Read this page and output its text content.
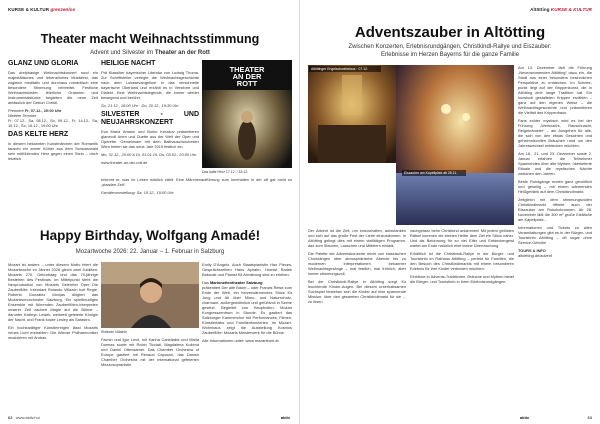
KURSE & KULTUR grenzenlos
Theater macht Weihnachtsstimmung
Advent und Silvester im Theater an der Rott
GLANZ UND GLORIA

Das dreiphasige Weihnachtskonzert rund ein majestätisches und lebensfrohes Musikfest, das zugleich meditativ und durchaus romantisch eine besondere Stimmung verbreitet. Festliche Weihnachtslieder, feierliche Oratorien und Instrumentalstücke begleiten die neue Zeit anlässlich der Geburt Christi.

Premiere Fr, 07.12., 20:00 Uhr

Weitere Termine
Fr, 07.12., Sa, 08.12., So, 09.12., Fr, 14.12., Sa, 15.12., So, 16.12., 19:00 Uhr

DAS KELTE HERZ

In diesem bekannten Kunstmärchen der Romantik tauscht ein armer Köhler aus dem Schwarzwald sein mitfühlendes Herz gegen einen Stein – doch letztlich

HEILIGE NACHT

Prä Klassiker bayerischer Literatur von Ludwig Thoma. Zur Schriftsteller verlegte die Weihnachtsgeschichte nach dem Lukasevangelium in das verschneite bayerische Oberland und erzählt es in Versform und Dialekt. Eine Weihnachtslegende, die immer wieder bewegend und berührt.

So, 21.12., 18:00 Uhr · Do, 20.12., 19:30 Uhr

SILVESTER - UND NEUJAHRSKONZERT

Eva Maria Amann und Borko Kerašov präsentieren glanzvoll Arien und Duette aus der Welt der Oper und Operette. Gemeinsam mit dem Ballhauschorchester Wien bieten sie das neue Jahr 2019 festlich ein.

Mo, 31.12., 20:00 & Di, 01.01.19, Do, 03.01., 20:00 Uhr

www.theater-an-der-rott.de

THEATER
AN DER
ROTT
Das kalte Herz 17.12. / 18.12.

erkennt er, was im Leben wirklich zählt. Eine Märchenaufführung zum Innehalten in der oft gar nicht so „staaden Zeit“.

Familienvorstellung: Sa, 15.12., 15:00 Uhr

Happy Birthday, Wolfgang Amadé!
Mozartwoche 2026: 22. Januar – 1. Februar in Salzburg

Mozart ist anders – unter diesem Motto feiert die Mozartwoche im Jänner 2026 gleich zwei Jubiläen: Mozarts 270. Geburtstag und das 70-jährige Bestehen des Festivals. Im Mittelpunkt steht die Neuproduktion von Mozarts Gelehrter Oper Die Zauberflöte. Intendant Rolando Villazón holt Regie, Roberto González Monjas dirigiert das Mozarteumorchester Salzburg. Ein spielfreudiges Ensemble mit führenden Zauberflöten-Interpreten unserer Zeit zaubert Magie auf die Bühne – darunter Kathryn Lewek, weltweit gefeierte Königin der Nacht, und Frank sowie Lesley als Sarastro.

Ein hochkarätiger Künstlerreigen lässt Mozarts neues Licht erstrahlen: Die Wiener Philharmoniker musizieren mit Andras

Rolando Villazón

Fachin und Igor Levit, mit Karina Canellakis und Maria Duenas sowie mit Robin Ticciati, Magdalena Kožená und Daniel Ottensamer. Das Chamber Orchestra of Europe gastiert mit Renaud Capuçon, das Danish Chamber Orchestra mit der international gefeierten Mezzosopranistin

Emily D'Angelo. Auch Staatspianistin Hao Pieces, Gesprächsreihen Hans Ayhahn, Hornist Radek Baborák und Pianist Kit Armstrong sind zu erleben.

Das Marionettentheater Salzburg

präsentiert Der alte Baum – oder Franzis Reise zum Ende der Welt, ein herzerwärmendes Stück für Jung und Alt über Mimu- und Naturschutz, charmant, außergewöhnlich und gefühlvoll in Szene gesetzt. Begleitet von Hauptrollen: Mozart Kongresszentrum in Stunde. Es gastiert das Salzburger Kammerchor mit Performances, Filmen, Künstlertalks und Familienkonzerten. Im Mozart-Wohnhaus zeigt die Ausstellung Kosmos Zauberflöte: Mozarts Meisterwerk für die Bühne.

Alle Informationen unter: www.mozarteum.at

62 www.aktiv.hui	aktiv
Altötting KURSE & KULTUR
Adventszauber in Altötting
Zwischen Konzerten, Erlebnisrundgängen, Christkindl-Rallye und Eiszauber:
Erlebnisse im Herzen Bayerns für die ganze Familie
Altöttinger Engelschwebelaus · 07.12.
Eiszauber am Kapellplatz ab 28.11.

Am 13. Dezember lädt die Führung „Neuenwumenden Altötting“ dazu ein, die Stadt aus einer besonders besinnlichen Perspektive zu entdecken. Im Schnee-punkt liegt auf der Brippenkunst, die in Altötting eine lange Tradition hat. Ein kunstvoll gestalteten Krippen erzählen – ganz auf den eigenen Weise – die Weihnachtsgeschichte und präsentieren die Vielfalt des Krippenbaus.

Fans echter mystisch wird es bei der Führung „Weihnacht, Rauschnacht, Reigekrämsler“ – am Ausgehen für alle, die sich von den etwas Gesichten und geheimnisvollen Bräuchen rund um den Jahreswechsel entdecken möchten.

Am 16., 21. und 23. Dezember sowie 2. Januar erfahren die Teilnehmer Spannendes über alte Mythen, überlieferte Rituale und die mystischen Nächte zwischen den Jahren.

Beide Rundgänge enden ganz gemütlich und gesellig – mit einem wärmenden Heißgetränk auf dem Christkindlmarkt.

Zeitgleich mit dem stimmungsvollen Christkindlmarkt öffnete auch der Eiszauber am Rokokobrunnen. Ab 28. November lädt die 300 m² große Eisfläche am Kapellplatz...

Informationen und Tickets zu allen Veranstaltungen gibt es in der Bürger- und Touristinfo Altötting – oft sogar ohne Service-Gebühr!

TOURS & INFO

altoetting.de/advent

Der Advent ist die Zeit, um innezuhalten, aufzutanken und sich auf das große Fest der Liebe einzustimmen. In Altötting gelingt dies mit einem vielfältigen Programm, das zum Staunen, Lauschen und Mitfeiern einlädt.

Die Palette der Adventskonzerte reicht von klassischen Chorklängen über atmosphärische Abende bis zu modernen Interpretationen bekannter Weihnachtsgesänge – mal festlich, mal fröhlich, aber immer stimmungsvoll.

Bei der Christkindl-Rallye in Altötting sorgt für leuchtende Kinder-Augen. Bei diesem unterhaltsamen Suchspiel bestehen sich die Kinder auf eine spannende Mission: über den gesamten Christkindlmarkt für sie ... zu lösen.

nachgetanz beim Christkind anlammen! Mit jedem gelösten Rätsel kommen die kleinen Helfer dem Ziel ein Stück näher. Und als Belohnung für so viel Eifer und Entdeckergeist wartet am Ende natürlich eine kleine Überraschung.

Erhältlich ist die Christkindl-Rallye in der Bürger- und Touristinfo im Rathaus Altötting – perfekt für Familien, die den Besuch des Christkindlmarkts mit einem besonderen Erlebnis für ihre Kinder verbinden möchten.

Einblicke in Advents-Traditionen, Bräuche und Mythen bietet die Bürger- und Touristinfo in ihren Erlebnisrundgängen.

aktiv	63
